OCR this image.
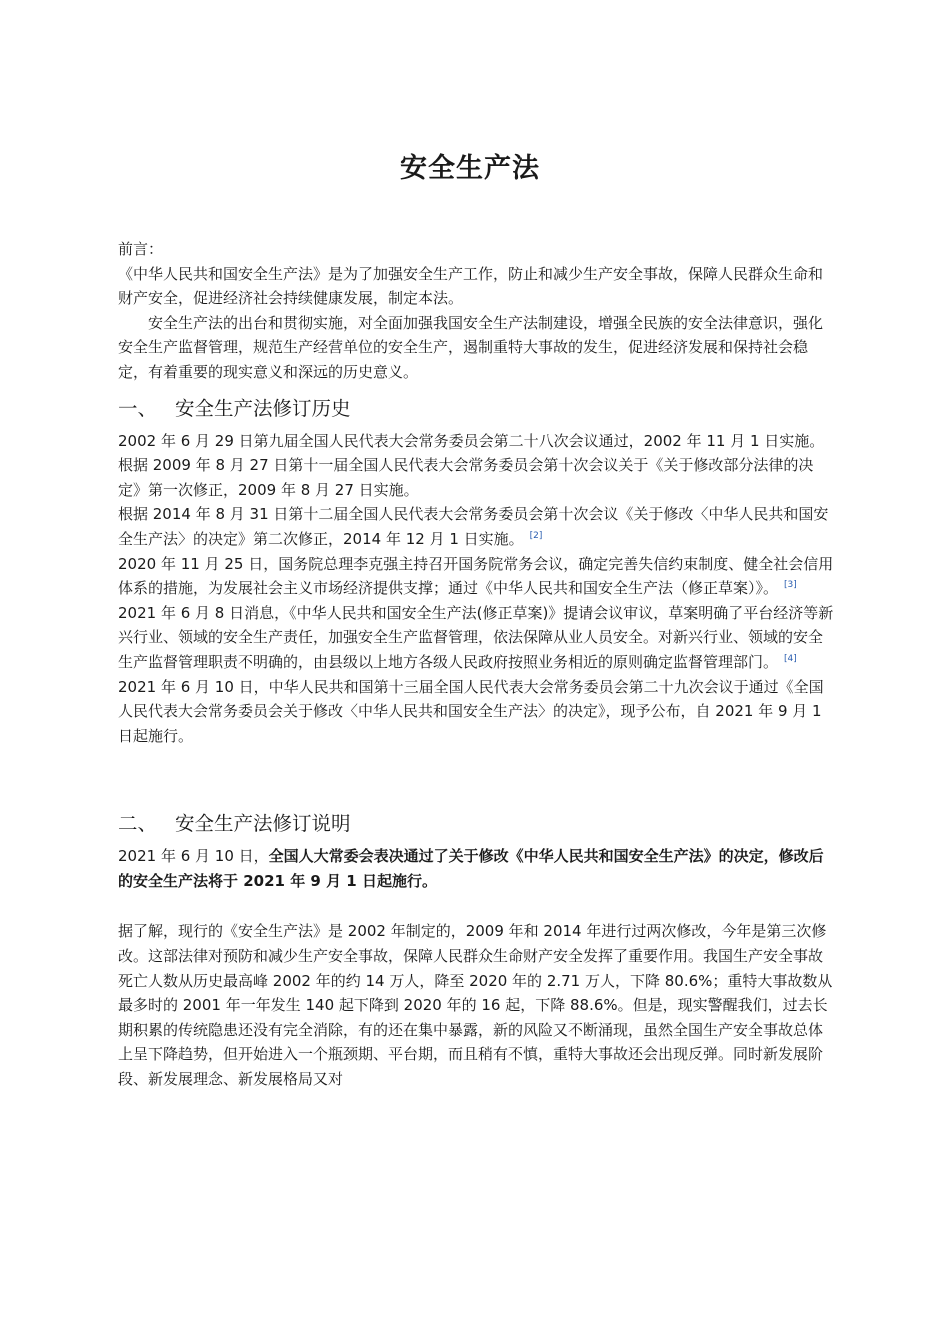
安全生产法

前言：

《中华人民共和国安全生产法》是为了加强安全生产工作，防止和减少生产安全事故，保障人民群众生命和财产安全，促进经济社会持续健康发展，制定本法。

安全生产法的出台和贯彻实施，对全面加强我国安全生产法制建设，增强全民族的安全法律意识，强化安全生产监督管理，规范生产经营单位的安全生产，遏制重特大事故的发生，促进经济发展和保持社会稳定，有着重要的现实意义和深远的历史意义。

一、 安全生产法修订历史

2002 年 6 月 29 日第九届全国人民代表大会常务委员会第二十八次会议通过，2002 年 11 月 1 日实施。

根据 2009 年 8 月 27 日第十一届全国人民代表大会常务委员会第十次会议关于《关于修改部分法律的决定》第一次修正，2009 年 8 月 27 日实施。

根据 2014 年 8 月 31 日第十二届全国人民代表大会常务委员会第十次会议《关于修改〈中华人民共和国安全生产法〉的决定》第二次修正，2014 年 12 月 1 日实施。 [2]

2020 年 11 月 25 日，国务院总理李克强主持召开国务院常务会议，确定完善失信约束制度、健全社会信用体系的措施，为发展社会主义市场经济提供支撑；通过《中华人民共和国安全生产法（修正草案）》。 [3]

2021 年 6 月 8 日消息，《中华人民共和国安全生产法(修正草案)》提请会议审议，草案明确了平台经济等新兴行业、领域的安全生产责任，加强安全生产监督管理，依法保障从业人员安全。对新兴行业、领域的安全生产监督管理职责不明确的，由县级以上地方各级人民政府按照业务相近的原则确定监督管理部门。 [4]

2021 年 6 月 10 日，中华人民共和国第十三届全国人民代表大会常务委员会第二十九次会议于通过《全国人民代表大会常务委员会关于修改〈中华人民共和国安全生产法〉的决定》，现予公布，自 2021 年 9 月 1 日起施行。

二、 安全生产法修订说明

2021 年 6 月 10 日，全国人大常委会表决通过了关于修改《中华人民共和国安全生产法》的决定，修改后的安全生产法将于 2021 年 9 月 1 日起施行。

据了解，现行的《安全生产法》是 2002 年制定的，2009 年和 2014 年进行过两次修改，今年是第三次修改。这部法律对预防和减少生产安全事故，保障人民群众生命财产安全发挥了重要作用。我国生产安全事故死亡人数从历史最高峰 2002 年的约 14 万人，降至 2020 年的 2.71 万人，下降 80.6%；重特大事故数从最多时的 2001 年一年发生 140 起下降到 2020 年的 16 起，下降 88.6%。但是，现实警醒我们，过去长期积累的传统隐患还没有完全消除，有的还在集中暴露，新的风险又不断涌现，虽然全国生产安全事故总体上呈下降趋势，但开始进入一个瓶颈期、平台期，而且稍有不慎，重特大事故还会出现反弹。同时新发展阶段、新发展理念、新发展格局又对
